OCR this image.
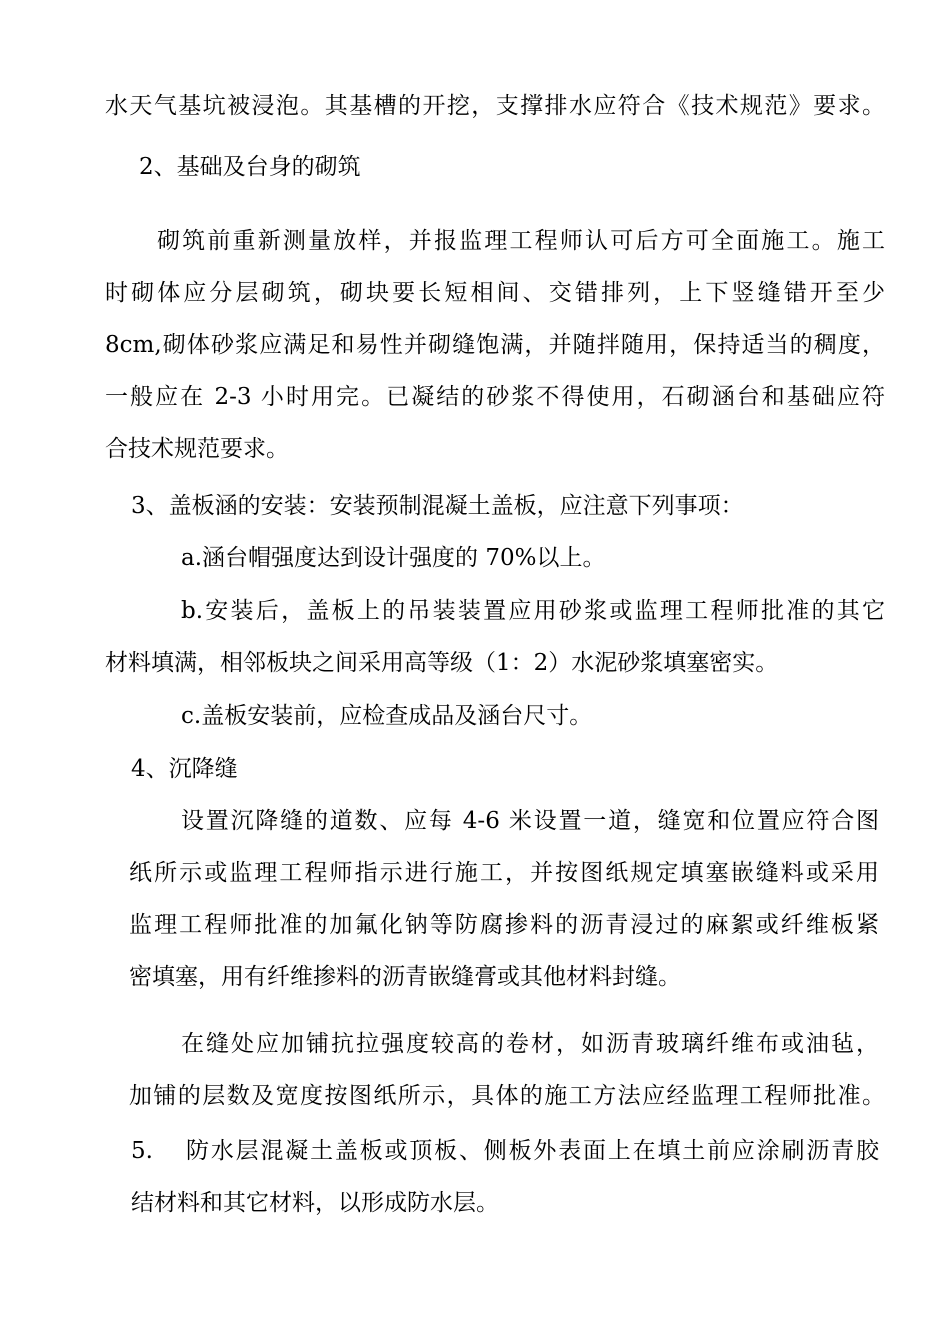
水天气基坑被浸泡。其基槽的开挖，支撑排水应符合《技术规范》要求。
2、基础及台身的砌筑
砌筑前重新测量放样，并报监理工程师认可后方可全面施工。施工
时砌体应分层砌筑，砌块要长短相间、交错排列，上下竖缝错开至少
8cm,砌体砂浆应满足和易性并砌缝饱满，并随拌随用，保持适当的稠度，
一般应在 2-3 小时用完。已凝结的砂浆不得使用，石砌涵台和基础应符
合技术规范要求。
3、盖板涵的安装：安装预制混凝土盖板，应注意下列事项：
a.涵台帽强度达到设计强度的 70%以上。
b.安装后，盖板上的吊装装置应用砂浆或监理工程师批准的其它
材料填满，相邻板块之间采用高等级（1：2）水泥砂浆填塞密实。
c.盖板安装前，应检查成品及涵台尺寸。
4、沉降缝
设置沉降缝的道数、应每 4-6 米设置一道，缝宽和位置应符合图
纸所示或监理工程师指示进行施工，并按图纸规定填塞嵌缝料或采用
监理工程师批准的加氟化钠等防腐掺料的沥青浸过的麻絮或纤维板紧
密填塞，用有纤维掺料的沥青嵌缝膏或其他材料封缝。
在缝处应加铺抗拉强度较高的卷材，如沥青玻璃纤维布或油毡，
加铺的层数及宽度按图纸所示，具体的施工方法应经监理工程师批准。
5. 防水层混凝土盖板或顶板、侧板外表面上在填土前应涂刷沥青胶
结材料和其它材料，以形成防水层。
